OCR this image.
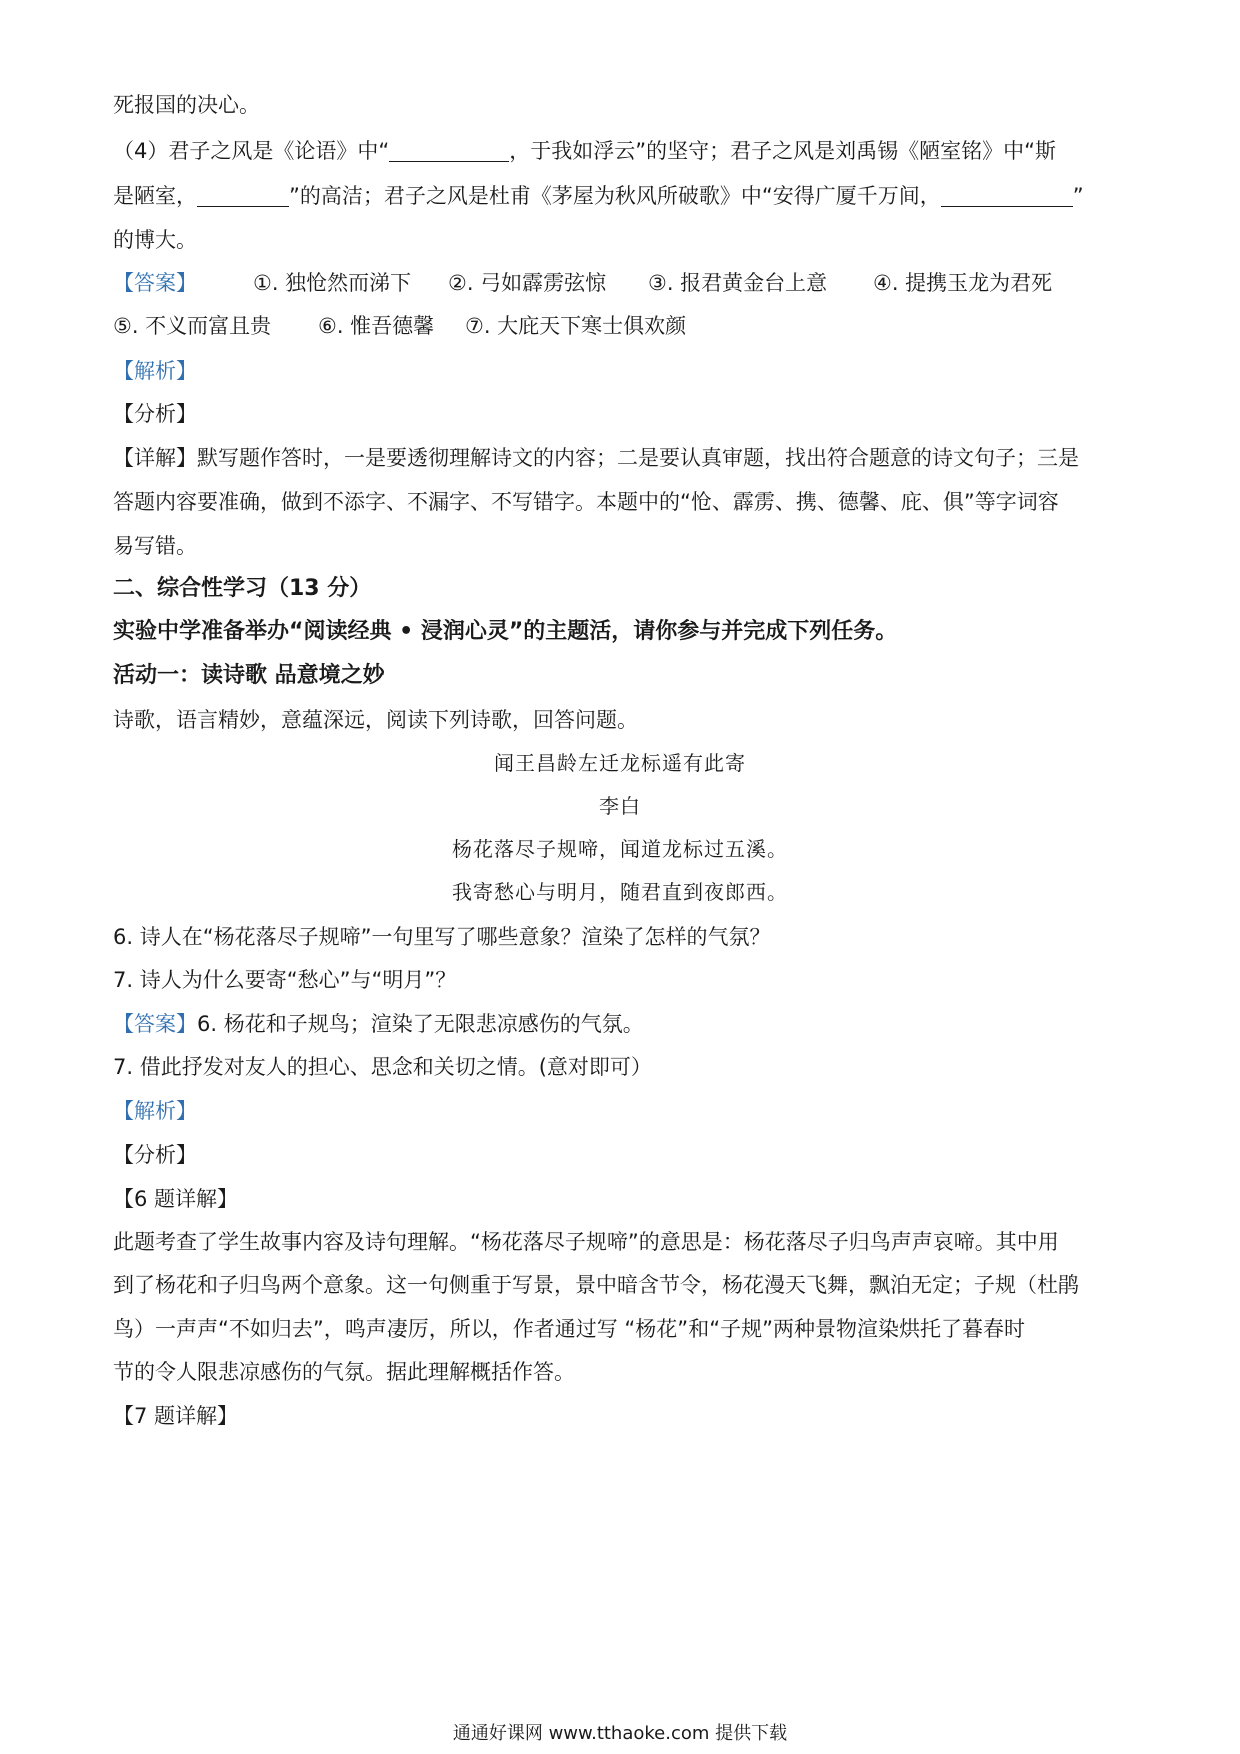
死报国的决心。
（4）君子之风是《论语》中“	，于我如浮云”的坚守；君子之风是刘禹锡《陋室铭》中“斯
是陋室，	”的高洁；君子之风是杜甫《茅屋为秋风所破歌》中“安得广厦千万间，	”
的博大。
【答案】	①. 独怆然而涕下 ②. 弓如霹雳弦惊 ③. 报君黄金台上意 ④. 提携玉龙为君死
⑤. 不义而富且贵 ⑥. 惟吾德馨 ⑦. 大庇天下寒士俱欢颜
【解析】
【分析】
【详解】默写题作答时，一是要透彻理解诗文的内容；二是要认真审题，找出符合题意的诗文句子；三是
答题内容要准确，做到不添字、不漏字、不写错字。本题中的“怆、霹雳、携、德馨、庇、俱”等字词容
易写错。
二、综合性学习（13 分）
实验中学准备举办“阅读经典 • 浸润心灵”的主题活，请你参与并完成下列任务。
活动一：读诗歌 品意境之妙
诗歌，语言精妙，意蕴深远，阅读下列诗歌，回答问题。
闻王昌龄左迁龙标遥有此寄
李白
杨花落尽子规啼，闻道龙标过五溪。
我寄愁心与明月，随君直到夜郎西。
6. 诗人在“杨花落尽子规啼”一句里写了哪些意象？渲染了怎样的气氛？
7. 诗人为什么要寄“愁心”与“明月”？
【答案】6. 杨花和子规鸟；渲染了无限悲凉感伤的气氛。
7. 借此抒发对友人的担心、思念和关切之情。(意对即可）
【解析】
【分析】
【6 题详解】
此题考查了学生故事内容及诗句理解。“杨花落尽子规啼”的意思是：杨花落尽子归鸟声声哀啼。其中用
到了杨花和子归鸟两个意象。这一句侧重于写景，景中暗含节令，杨花漫天飞舞，飘泊无定；子规（杜鹃
鸟）一声声“不如归去”，鸣声凄厉，所以，作者通过写 “杨花”和“子规”两种景物渲染烘托了暮春时
节的令人限悲凉感伤的气氛。据此理解概括作答。
【7 题详解】
通通好课网 www.tthaoke.com 提供下载
